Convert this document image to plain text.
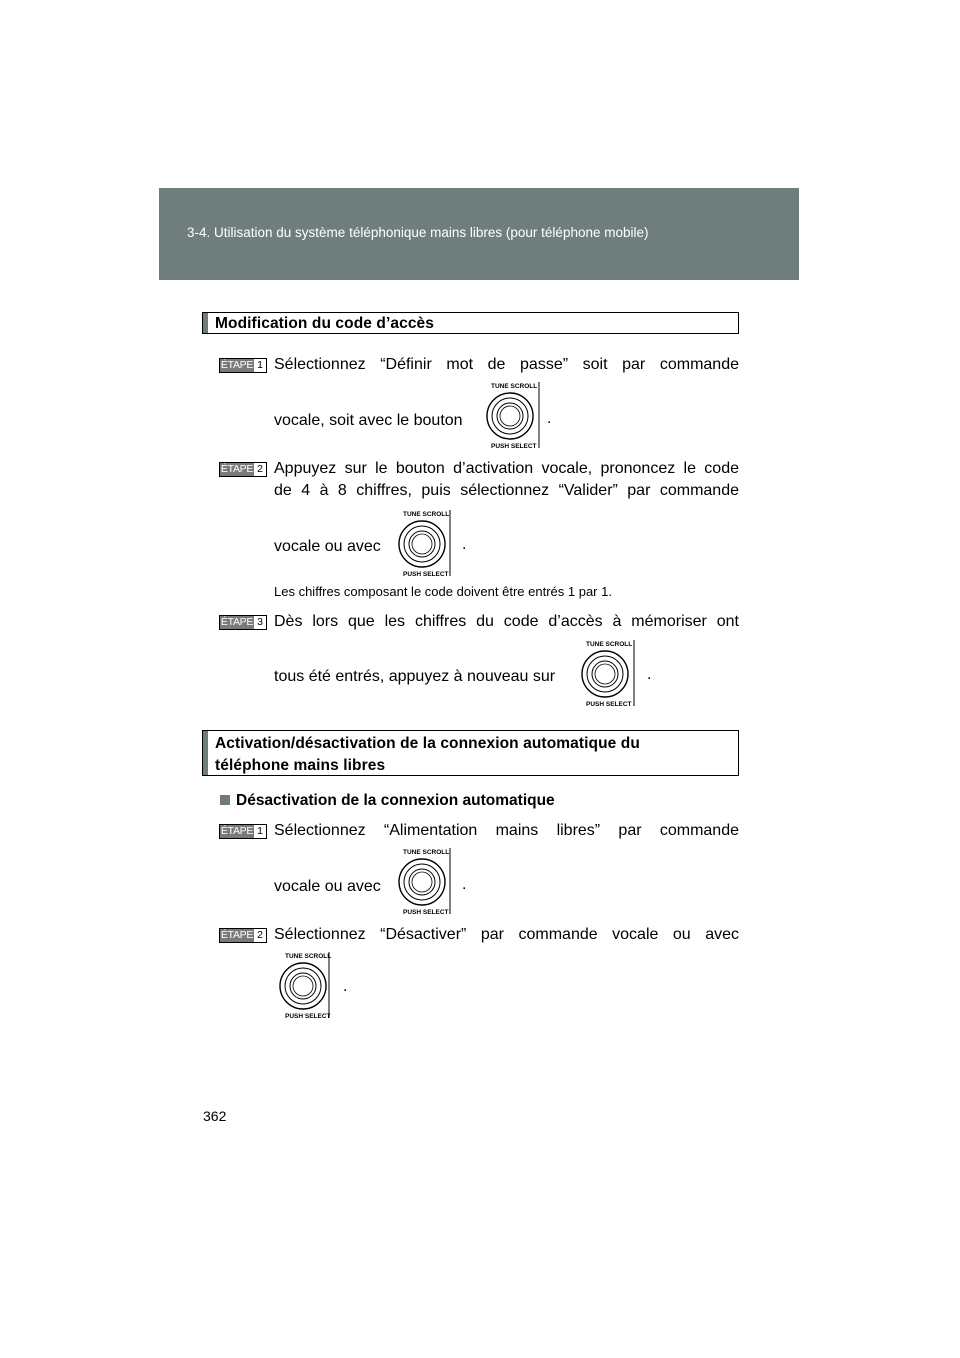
3-4. Utilisation du système téléphonique mains libres (pour téléphone mobile)
Modification du code d’accès
ÉTAPE 1 Sélectionnez “Définir mot de passe” soit par commande
vocale, soit avec le bouton
TUNE SCROLL
PUSH SELECT
.
ÉTAPE 2 Appuyez sur le bouton d’activation vocale, prononcez le code
de 4 à 8 chiffres, puis sélectionnez “Valider” par commande
vocale ou avec
TUNE SCROLL
PUSH SELECT
.
Les chiffres composant le code doivent être entrés 1 par 1.
ÉTAPE 3 Dès lors que les chiffres du code d’accès à mémoriser ont
tous été entrés, appuyez à nouveau sur
TUNE SCROLL
PUSH SELECT
.
Activation/désactivation de la connexion automatique du
téléphone mains libres
Désactivation de la connexion automatique
ÉTAPE 1 Sélectionnez “Alimentation mains libres” par commande
vocale ou avec
TUNE SCROLL
PUSH SELECT
.
ÉTAPE 2 Sélectionnez “Désactiver” par commande vocale ou avec
TUNE SCROLL
PUSH SELECT
.
362
